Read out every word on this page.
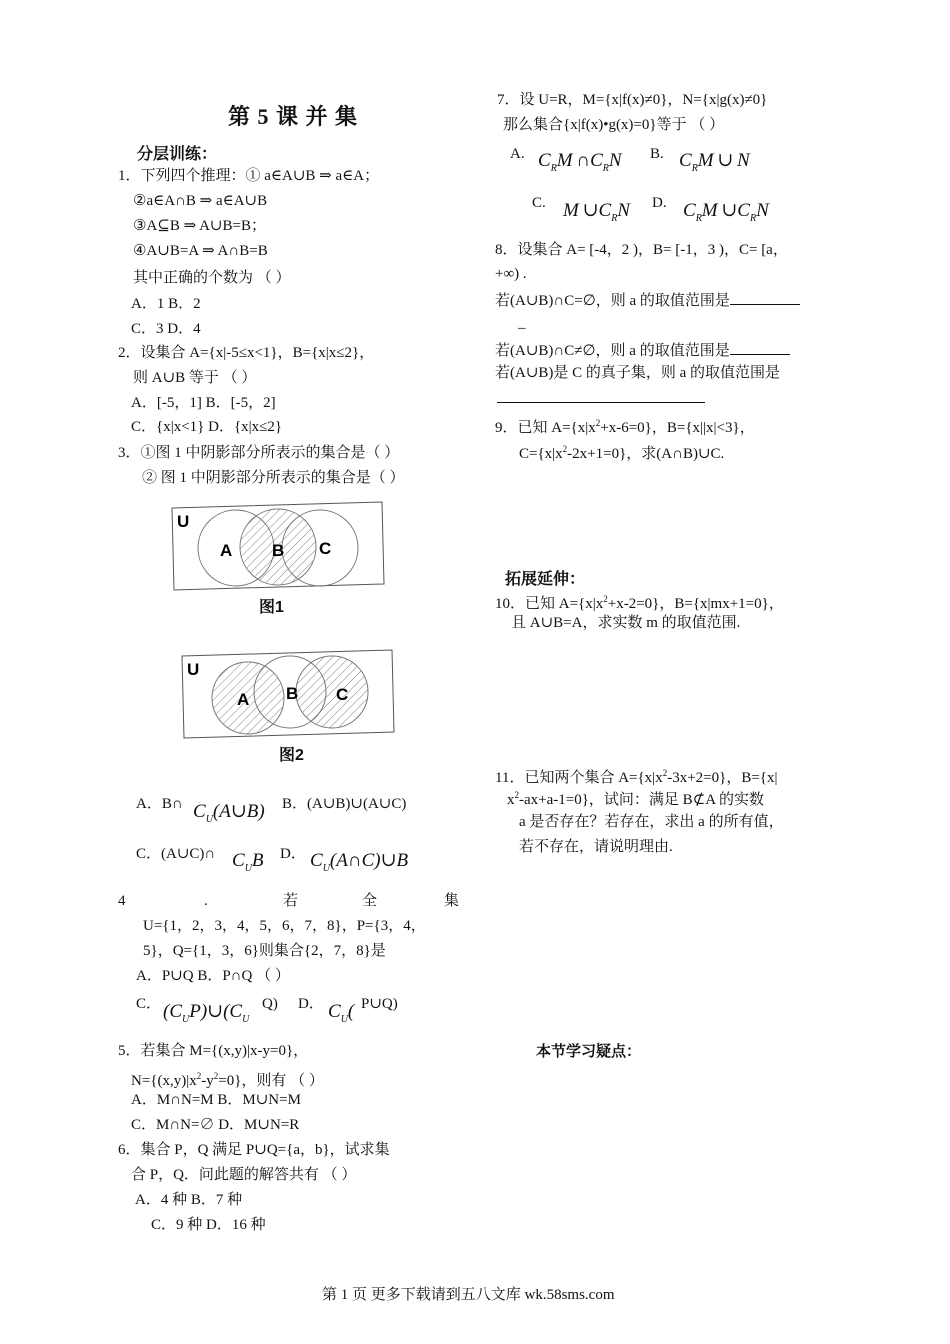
第 5 课 并 集
分层训练：
1．下列四个推理：① a∈A∪B ⇒ a∈A；
②a∈A∩B ⇒ a∈A∪B
③A⊆B ⇒ A∪B=B；
④A∪B=A ⇒ A∩B=B
其中正确的个数为 （ ）
A．1 B．2
C．3 D．4
2．设集合 A={x|-5≤x<1}，B={x|x≤2}，
则 A∪B 等于 （ ）
A．[-5，1] B．[-5，2]
C．{x|x<1} D．{x|x≤2}
3．①图 1 中阴影部分所表示的集合是（ ）
② 图 1 中阴影部分所表示的集合是（ ）
U
A B C
图1
U
A B C
图2
A．B∩ $C_U(A\cup B)$ B．(A∪B)∪(A∪C)
C．(A∪C)∩ $C_UB$ D． $C_U(A\cap C)\cup B$
4	.	若	全	集
U={1，2，3，4，5，6，7，8}，P={3，4，
5}，Q={1，3，6}则集合{2，7，8}是
A．P∪Q B．P∩Q （ ）
C． $(C_UP)\cup(C_U$
Q) D． $C_U$( P∪Q)
5．若集合 M={(x,y)|x-y=0}，
$N=\{(x,y)|x^2-y^2=0\}$，则有 （ ）
A．M∩N=M B．M∪N=M
C．M∩N=∅ D．M∪N=R
6．集合 P，Q 满足 P∪Q={a，b}，试求集
合 P，Q．问此题的解答共有 （ ）
A．4 种 B．7 种
C．9 种 D．16 种
7．设 U=R，M={x|f(x)≠0}，N={x|g(x)≠0}
那么集合{x|f(x)•g(x)=0}等于 （ ）
A. $C_RM$ $\cap C_RN$ B. $C_RM$ ∪ N
C. M $\cup C_RN$ D. $C_RM$ $\cup C_RN$
8．设集合 A= [-4，2 )，B= [-1，3 )，C= [a，
+∞) .
若(A∪B)∩C=∅，则 a 的取值范围是
_
若(A∪B)∩C≠∅，则 a 的取值范围是
若(A∪B)是 C 的真子集，则 a 的取值范围是
9．已知 $A=\{x|x^2+x-6=0\}$，B={x||x|<3}，
$C=\{x|x^2-2x+1=0\}$，求(A∩B)∪C.
拓展延伸：
10．已知 $A=\{x|x^2+x-2=0\}$，B={x|mx+1=0}，
且 A∪B=A，求实数 m 的取值范围.
11．已知两个集合 $A=\{x|x^2-3x+2=0\}$，B={x|
$x^2-ax+a-1=0$}，试问：满足 B⊄A 的实数
a 是否存在？若存在，求出 a 的所有值，
若不存在，请说明理由.
本节学习疑点：
第 1 页 更多下载请到五八文库 wk.58sms.com
